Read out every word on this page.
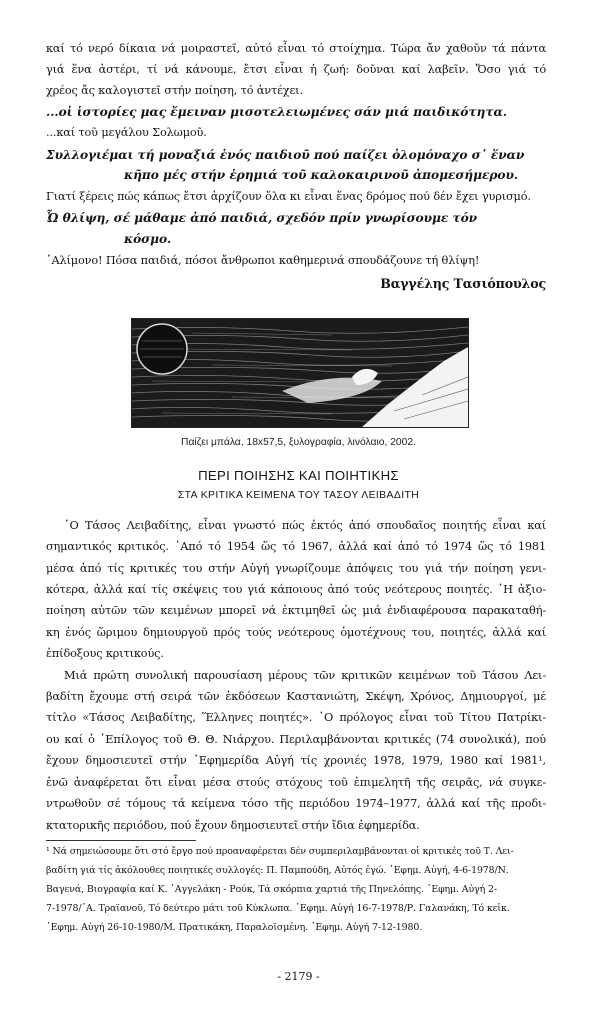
καί τό νερό δίκαια νά μοιραστεῖ, αὐτό εἶναι τό στοίχημα. Τώρα ἄν χαθοῦν τά πάντα
γιά ἕνα ἀστέρι, τί νά κάνουμε, ἔτσι εἶναι ἡ ζωή: δοῦναι καί λαβεῖν. Ὅσο γιά τό
χρέος ἄς καλογιστεῖ στήν ποίηση, τό ἀντέχει.
...οἱ ἱστορίες μας ἔμειναν μισοτελειωμένες σάν μιά παιδικότητα.
...καί τοῦ μεγάλου Σολωμοῦ.
Συλλογιέμαι τή μοναξιά ἑνός παιδιοῦ πού παίζει ὁλομόναχο σ᾿ ἕναν
κῆπο μές στήν ἐρημιά τοῦ καλοκαιρινοῦ ἀπομεσήμερου.
Γιατί ξέρεις πώς κάπως ἔτσι ἀρχίζουν ὅλα κι εἶναι ἕνας δρόμος πού δέν ἔχει γυρισμό.
Ὦ θλίψη, σέ μάθαμε ἀπό παιδιά, σχεδόν πρίν γνωρίσουμε τόν
κόσμο.
᾿Αλίμονο! Πόσα παιδιά, πόσοι ἄνθρωποι καθημερινά σπουδάζουνε τή θλίψη!
Βαγγέλης Τασιόπουλος
Παίζει μπάλα, 18x57,5, ξυλογραφία, λινόλαιο, 2002.
ΠΕΡΙ ΠΟΙΗΣΗΣ ΚΑΙ ΠΟΙΗΤΙΚΗΣ
ΣΤΑ ΚΡΙΤΙΚΑ ΚΕΙΜΕΝΑ ΤΟΥ ΤΑΣΟΥ ΛΕΙΒΑΔΙΤΗ
῾Ο Τάσος Λειβαδίτης, εἶναι γνωστό πώς ἐκτός ἀπό σπουδαῖος ποιητής εἶναι καί
σημαντικός κριτικός. ᾿Από τό 1954 ὥς τό 1967, ἀλλά καί ἀπό τό 1974 ὥς τό 1981
μέσα ἀπό τίς κριτικές του στήν Αὐγή γνωρίζουμε ἀπόψεις του γιά τήν ποίηση γενι-
κότερα, ἀλλά καί τίς σκέψεις του γιά κάποιους ἀπό τούς νεότερους ποιητές. ῾Η ἀξιο-
ποίηση αὐτῶν τῶν κειμένων μπορεῖ νά ἐκτιμηθεῖ ὡς μιά ἐνδιαφέρουσα παρακαταθή-
κη ἑνός ὥριμου δημιουργοῦ πρός τούς νεότερους ὁμοτέχνους του, ποιητές, ἀλλά καί
ἐπίδοξους κριτικούς.
Μιά πρώτη συνολική παρουσίαση μέρους τῶν κριτικῶν κειμένων τοῦ Τάσου Λει-
βαδίτη ἔχουμε στή σειρά τῶν ἐκδόσεων Καστανιώτη, Σκέψη, Χρόνος, Δημιουργοί, μέ
τίτλο «Τάσος Λειβαδίτης, Ἕλληνες ποιητές». ῾Ο πρόλογος εἶναι τοῦ Τίτου Πατρίκι-
ου καί ὁ ᾿Επίλογος τοῦ Θ. Θ. Νιάρχου. Περιλαμβάνονται κριτικές (74 συνολικά), πού
ἔχουν δημοσιευτεῖ στήν ᾿Εφημερίδα Αὐγή τίς χρονιές 1978, 1979, 1980 καί 1981¹,
ἐνῶ ἀναφέρεται ὅτι εἶναι μέσα στούς στόχους τοῦ ἐπιμελητῆ τῆς σειρᾶς, νά συγκε-
ντρωθοῦν σέ τόμους τά κείμενα τόσο τῆς περιόδου 1974–1977, ἀλλά καί τῆς προδι-
κτατορικῆς περιόδου, πού ἔχουν δημοσιευτεῖ στήν ἴδια ἐφημερίδα.
¹ Νά σημειώσουμε ὅτι στό ἔργο πού προαναφέρεται δέν συμπεριλαμβάνονται οἱ κριτικές τοῦ Τ. Λει-
βαδίτη γιά τίς ἀκόλουθες ποιητικές συλλογές: Π. Παμπούδη, Αὐτός ἐγώ. ᾿Εφημ. Αὐγή, 4-6-1978/Ν.
Βαγενά, Βιογραφία καί Κ. ᾿Αγγελάκη - Ρούκ, Τά σκόρπια χαρτιά τῆς Πηνελόπης. ᾿Εφημ. Αὐγή 2-
7-1978/᾿Α. Τραϊανοῦ, Τό δεύτερο μάτι τοῦ Κύκλωπα. ᾿Εφημ. Αὐγή 16-7-1978/Ρ. Γαλανάκη, Τό κεἰκ.
᾿Εφημ. Αὐγή 26-10-1980/Μ. Πρατικάκη, Παραλοϊσμένη. ᾿Εφημ. Αὐγή 7-12-1980.
- 2179 -
